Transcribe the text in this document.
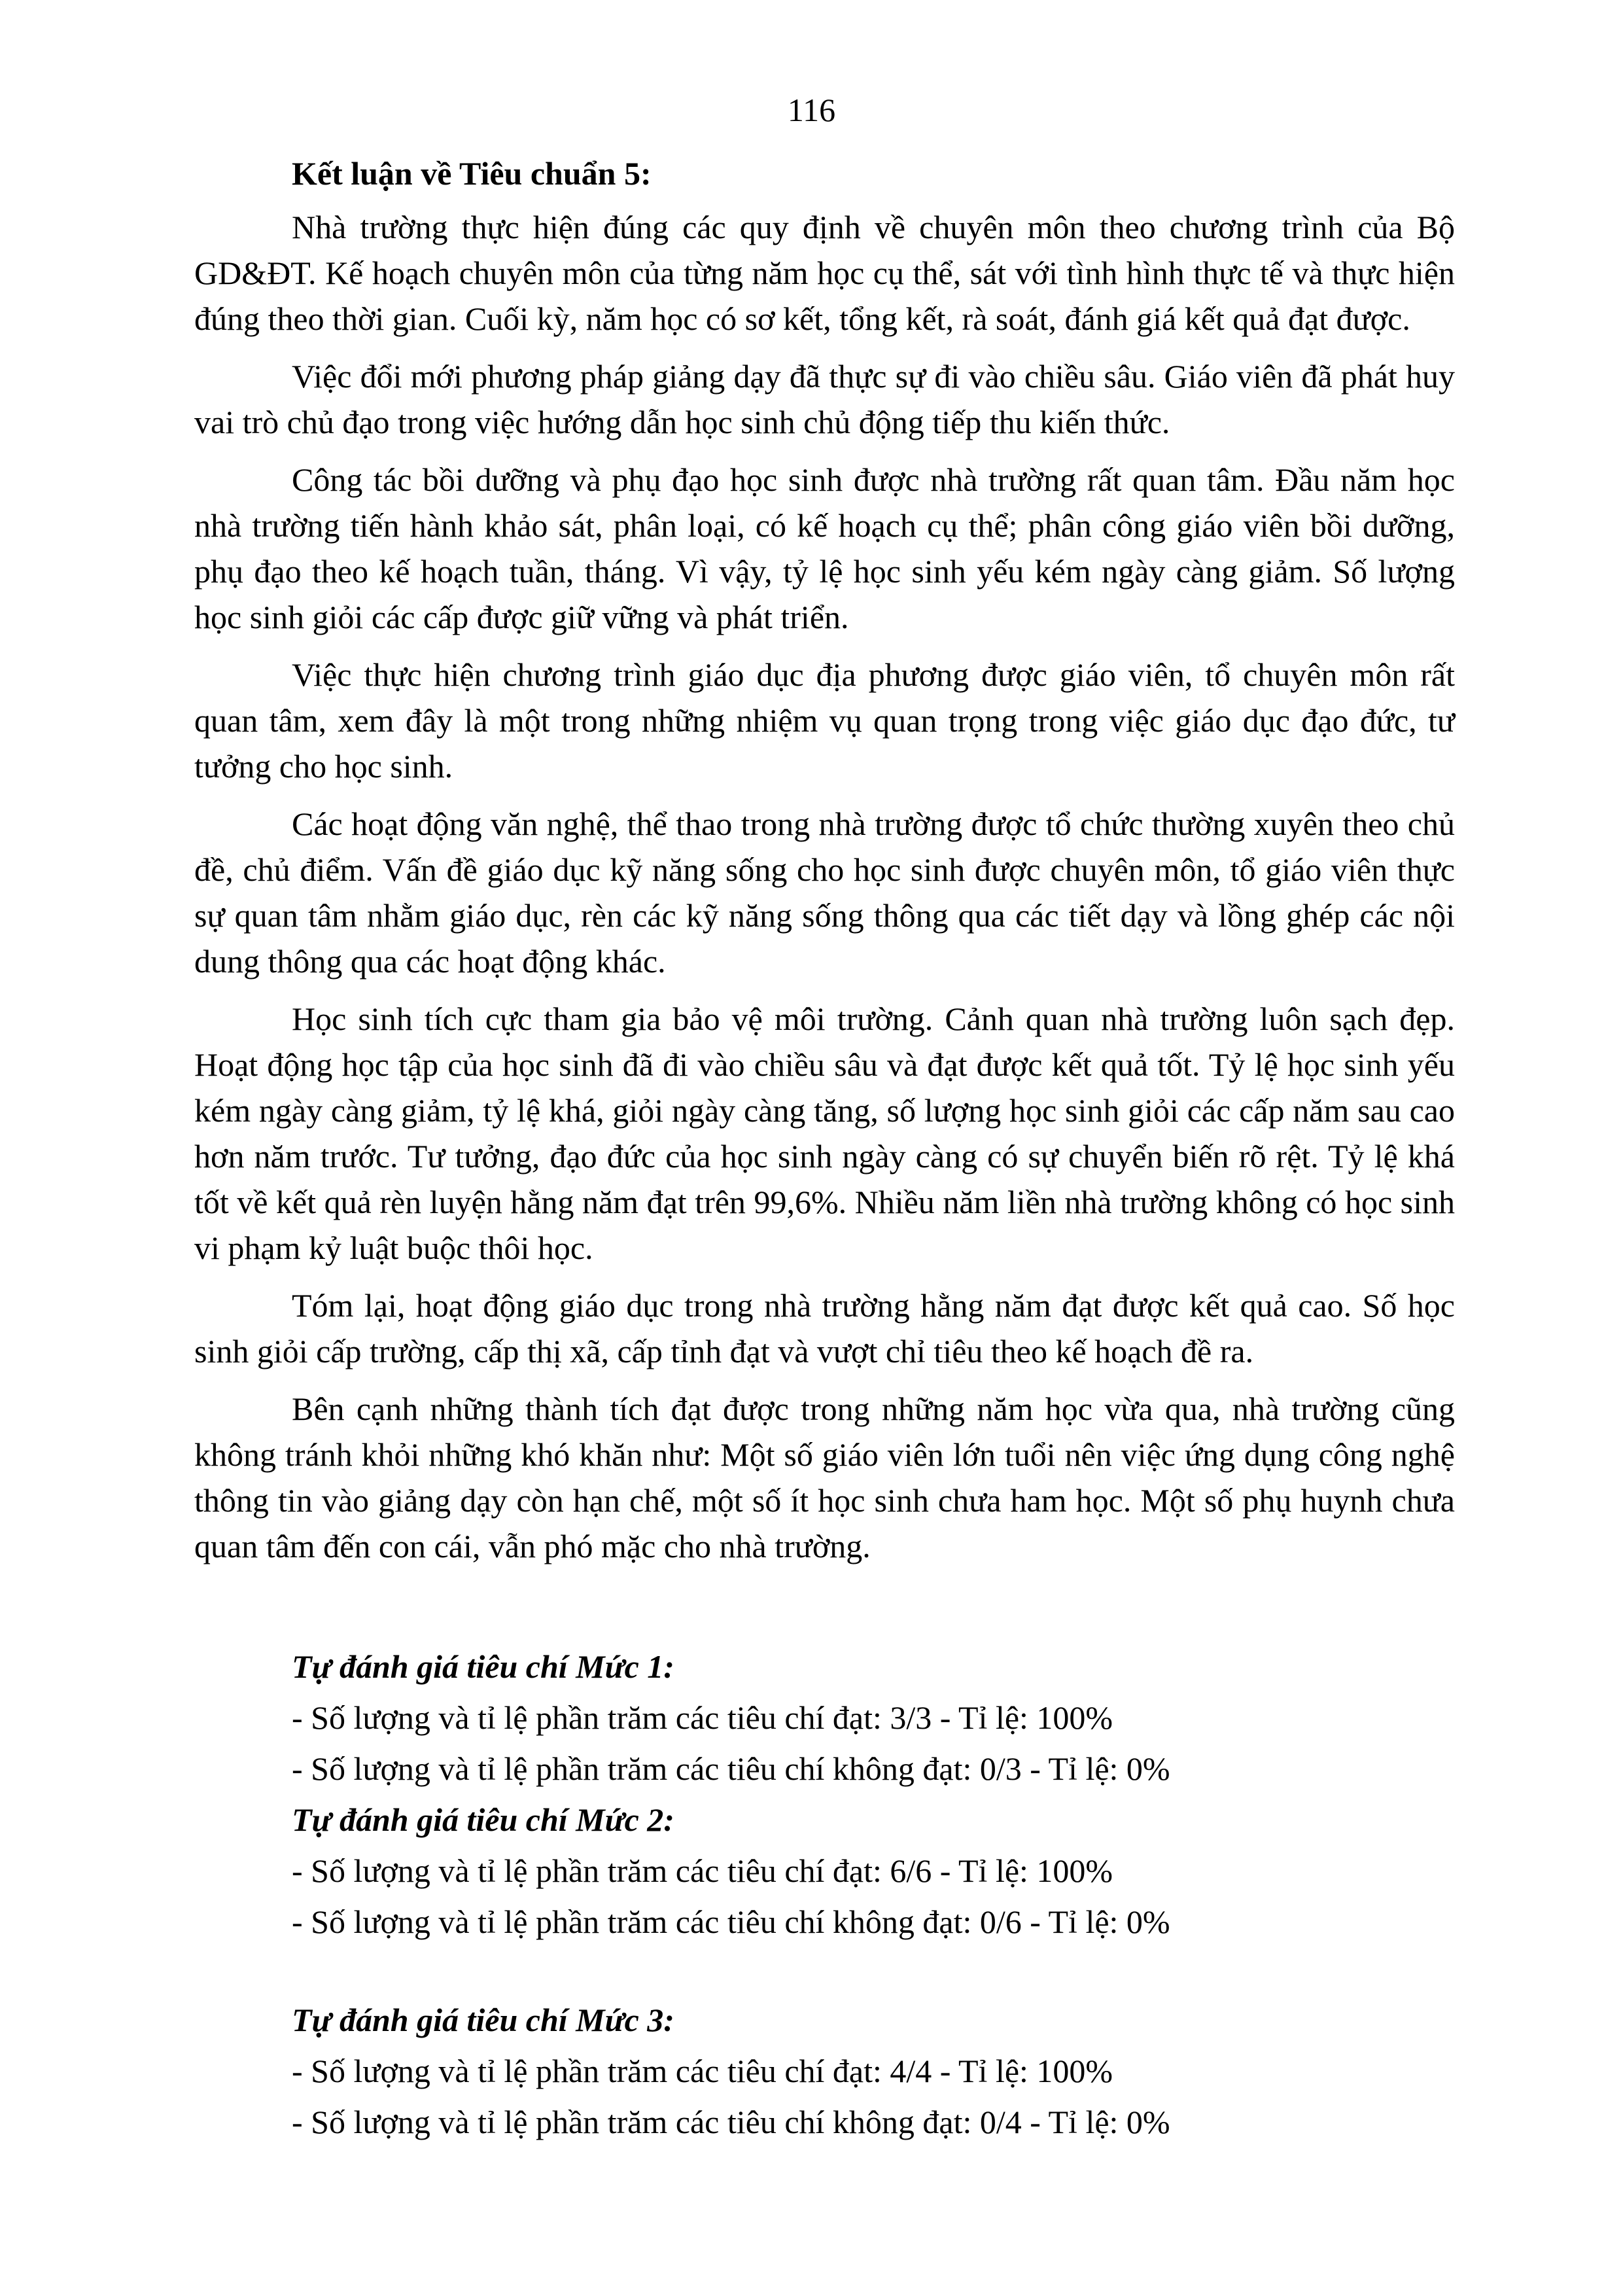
116
Kết luận về Tiêu chuẩn 5:

Nhà trường thực hiện đúng các quy định về chuyên môn theo chương trình của Bộ GD&ĐT. Kế hoạch chuyên môn của từng năm học cụ thể, sát với tình hình thực tế và thực hiện đúng theo thời gian. Cuối kỳ, năm học có sơ kết, tổng kết, rà soát, đánh giá kết quả đạt được.

Việc đổi mới phương pháp giảng dạy đã thực sự đi vào chiều sâu. Giáo viên đã phát huy vai trò chủ đạo trong việc hướng dẫn học sinh chủ động tiếp thu kiến thức.

Công tác bồi dưỡng và phụ đạo học sinh được nhà trường rất quan tâm. Đầu năm học nhà trường tiến hành khảo sát, phân loại, có kế hoạch cụ thể; phân công giáo viên bồi dưỡng, phụ đạo theo kế hoạch tuần, tháng. Vì vậy, tỷ lệ học sinh yếu kém ngày càng giảm. Số lượng học sinh giỏi các cấp được giữ vững và phát triển.

Việc thực hiện chương trình giáo dục địa phương được giáo viên, tổ chuyên môn rất quan tâm, xem đây là một trong những nhiệm vụ quan trọng trong việc giáo dục đạo đức, tư tưởng cho học sinh.

Các hoạt động văn nghệ, thể thao trong nhà trường được tổ chức thường xuyên theo chủ đề, chủ điểm. Vấn đề giáo dục kỹ năng sống cho học sinh được chuyên môn, tổ giáo viên thực sự quan tâm nhằm giáo dục, rèn các kỹ năng sống thông qua các tiết dạy và lồng ghép các nội dung thông qua các hoạt động khác.

Học sinh tích cực tham gia bảo vệ môi trường. Cảnh quan nhà trường luôn sạch đẹp. Hoạt động học tập của học sinh đã đi vào chiều sâu và đạt được kết quả tốt. Tỷ lệ học sinh yếu kém ngày càng giảm, tỷ lệ khá, giỏi ngày càng tăng, số lượng học sinh giỏi các cấp năm sau cao hơn năm trước. Tư tưởng, đạo đức của học sinh ngày càng có sự chuyển biến rõ rệt. Tỷ lệ khá tốt về kết quả rèn luyện hằng năm đạt trên 99,6%. Nhiều năm liền nhà trường không có học sinh vi phạm kỷ luật buộc thôi học.

Tóm lại, hoạt động giáo dục trong nhà trường hằng năm đạt được kết quả cao. Số học sinh giỏi cấp trường, cấp thị xã, cấp tỉnh đạt và vượt chỉ tiêu theo kế hoạch đề ra.

Bên cạnh những thành tích đạt được trong những năm học vừa qua, nhà trường cũng không tránh khỏi những khó khăn như: Một số giáo viên lớn tuổi nên việc ứng dụng công nghệ thông tin vào giảng dạy còn hạn chế, một số ít học sinh chưa ham học. Một số phụ huynh chưa quan tâm đến con cái, vẫn phó mặc cho nhà trường.

Tự đánh giá tiêu chí Mức 1:
- Số lượng và tỉ lệ phần trăm các tiêu chí đạt: 3/3 - Tỉ lệ: 100%
- Số lượng và tỉ lệ phần trăm các tiêu chí không đạt: 0/3 - Tỉ lệ: 0%
Tự đánh giá tiêu chí Mức 2:
- Số lượng và tỉ lệ phần trăm các tiêu chí đạt: 6/6 - Tỉ lệ: 100%
- Số lượng và tỉ lệ phần trăm các tiêu chí không đạt: 0/6 - Tỉ lệ: 0%
Tự đánh giá tiêu chí Mức 3:
- Số lượng và tỉ lệ phần trăm các tiêu chí đạt: 4/4 - Tỉ lệ: 100%
- Số lượng và tỉ lệ phần trăm các tiêu chí không đạt: 0/4 - Tỉ lệ: 0%
